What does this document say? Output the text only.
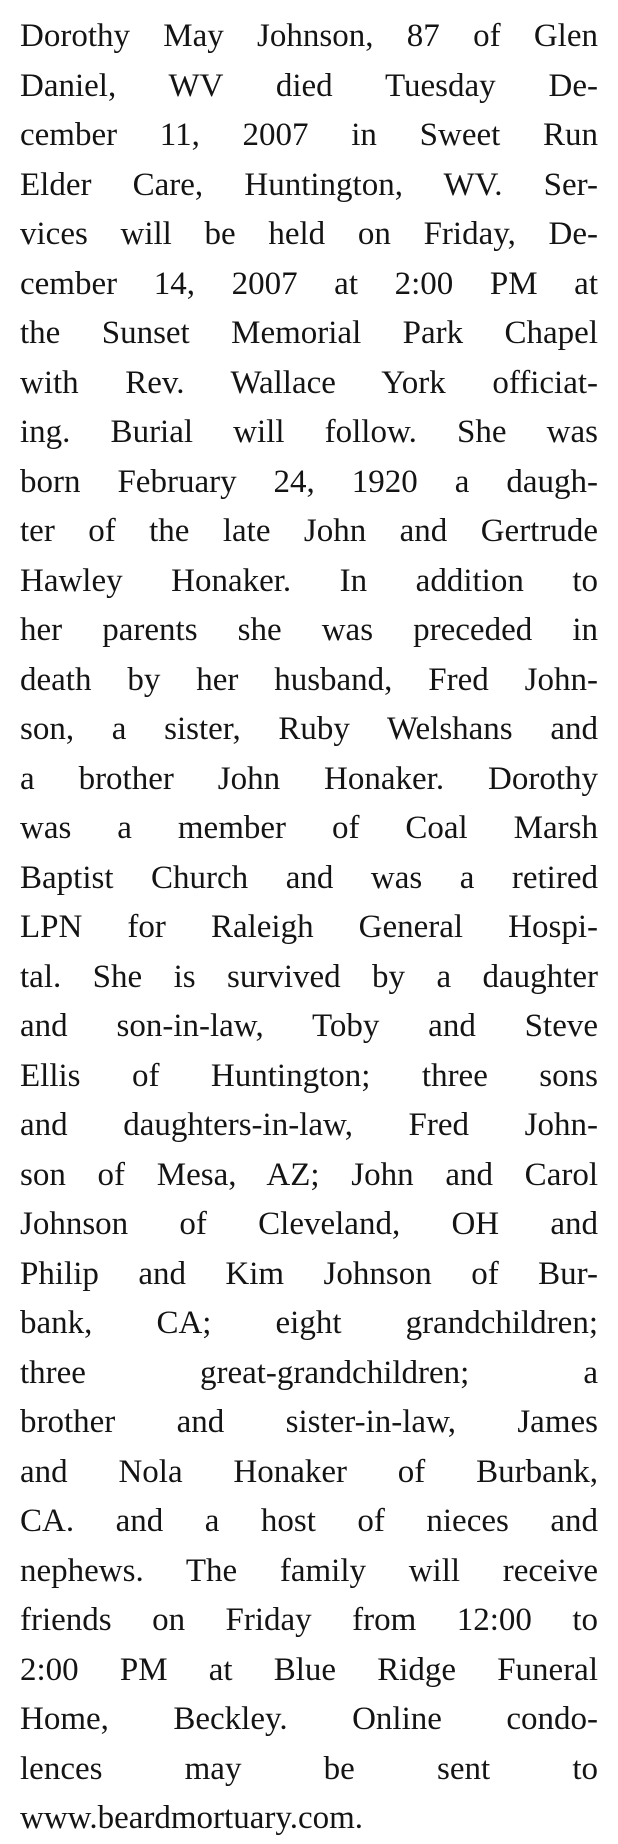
Dorothy May Johnson, 87 of Glen
Daniel, WV died Tuesday De-
cember 11, 2007 in Sweet Run
Elder Care, Huntington, WV. Ser-
vices will be held on Friday, De-
cember 14, 2007 at 2:00 PM at
the Sunset Memorial Park Chapel
with Rev. Wallace York officiat-
ing. Burial will follow. She was
born February 24, 1920 a daugh-
ter of the late John and Gertrude
Hawley Honaker. In addition to
her parents she was preceded in
death by her husband, Fred John-
son, a sister, Ruby Welshans and
a brother John Honaker. Dorothy
was a member of Coal Marsh
Baptist Church and was a retired
LPN for Raleigh General Hospi-
tal. She is survived by a daughter
and son-in-law, Toby and Steve
Ellis of Huntington; three sons
and daughters-in-law, Fred John-
son of Mesa, AZ; John and Carol
Johnson of Cleveland, OH and
Philip and Kim Johnson of Bur-
bank, CA; eight grandchildren;
three great-grandchildren; a
brother and sister-in-law, James
and Nola Honaker of Burbank,
CA. and a host of nieces and
nephews. The family will receive
friends on Friday from 12:00 to
2:00 PM at Blue Ridge Funeral
Home, Beckley. Online condo-
lences may be sent to
www.beardmortuary.com.
